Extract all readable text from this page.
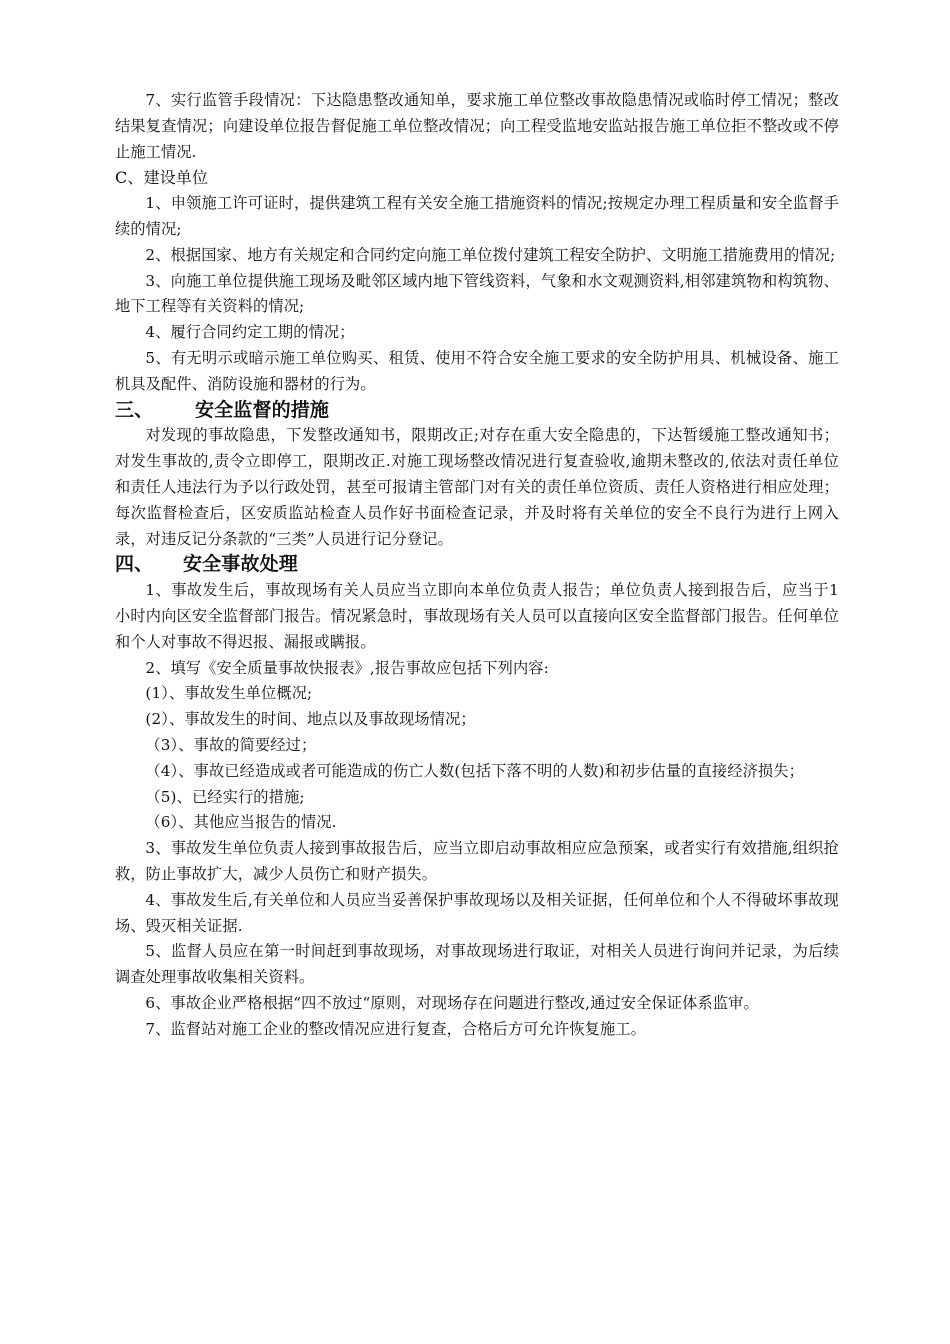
7、实行监管手段情况：下达隐患整改通知单，要求施工单位整改事故隐患情况或临时停工情况；整改结果复查情况；向建设单位报告督促施工单位整改情况；向工程受监地安监站报告施工单位拒不整改或不停止施工情况.

C、建设单位

1、申领施工许可证时，提供建筑工程有关安全施工措施资料的情况;按规定办理工程质量和安全监督手续的情况;

2、根据国家、地方有关规定和合同约定向施工单位拨付建筑工程安全防护、文明施工措施费用的情况;

3、向施工单位提供施工现场及毗邻区域内地下管线资料，气象和水文观测资料,相邻建筑物和构筑物、地下工程等有关资料的情况;

4、履行合同约定工期的情况；

5、有无明示或暗示施工单位购买、租赁、使用不符合安全施工要求的安全防护用具、机械设备、施工机具及配件、消防设施和器材的行为。

三、 安全监督的措施

对发现的事故隐患，下发整改通知书，限期改正;对存在重大安全隐患的，下达暂缓施工整改通知书；对发生事故的,责令立即停工，限期改正.对施工现场整改情况进行复查验收,逾期未整改的,依法对责任单位和责任人违法行为予以行政处罚，甚至可报请主管部门对有关的责任单位资质、责任人资格进行相应处理；每次监督检查后，区安质监站检查人员作好书面检查记录，并及时将有关单位的安全不良行为进行上网入录，对违反记分条款的“三类”人员进行记分登记。

四、 安全事故处理

1、事故发生后，事故现场有关人员应当立即向本单位负责人报告；单位负责人接到报告后，应当于1小时内向区安全监督部门报告。情况紧急时，事故现场有关人员可以直接向区安全监督部门报告。任何单位和个人对事故不得迟报、漏报或瞒报。

2、填写《安全质量事故快报表》,报告事故应包括下列内容:

(1）、事故发生单位概况;

(2）、事故发生的时间、地点以及事故现场情况；

（3）、事故的简要经过；

（4）、事故已经造成或者可能造成的伤亡人数(包括下落不明的人数)和初步估量的直接经济损失；

（5)、已经实行的措施;

（6）、其他应当报告的情况.

3、事故发生单位负责人接到事故报告后，应当立即启动事故相应应急预案，或者实行有效措施,组织抢救，防止事故扩大，减少人员伤亡和财产损失。

4、事故发生后,有关单位和人员应当妥善保护事故现场以及相关证据，任何单位和个人不得破坏事故现场、毁灭相关证据.

5、监督人员应在第一时间赶到事故现场，对事故现场进行取证，对相关人员进行询问并记录，为后续调查处理事故收集相关资料。

6、事故企业严格根据“四不放过“原则，对现场存在问题进行整改,通过安全保证体系监审。

7、监督站对施工企业的整改情况应进行复查，合格后方可允许恢复施工。
